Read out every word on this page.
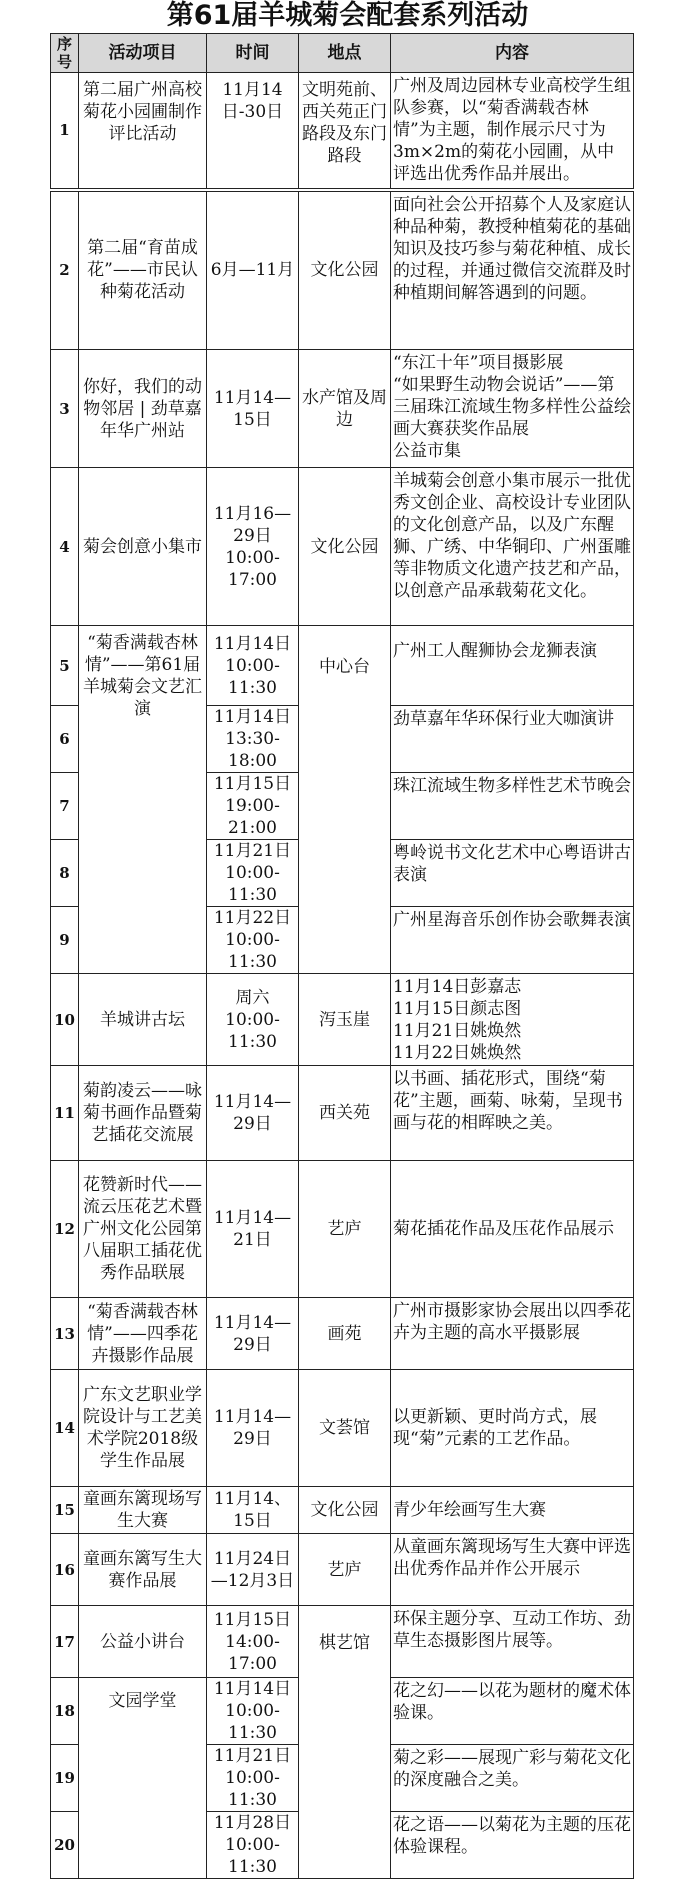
第61届羊城菊会配套系列活动
序号	活动项目	时间	地点	内容
1	第二届广州高校菊花小园圃制作评比活动	11月14日-30日	文明苑前、西关苑正门路段及东门路段	广州及周边园林专业高校学生组队参赛，以“菊香满载杏林情”为主题，制作展示尺寸为3m×2m的菊花小园圃，从中评选出优秀作品并展出。
2	第二届“育苗成花”——市民认种菊花活动	6月—11月	文化公园	面向社会公开招募个人及家庭认种品种菊，教授种植菊花的基础知识及技巧参与菊花种植、成长的过程，并通过微信交流群及时种植期间解答遇到的问题。
3	你好，我们的动物邻居 | 劲草嘉年华广州站	11月14—15日	水产馆及周边	“东江十年”项目摄影展
“如果野生动物会说话”——第三届珠江流域生物多样性公益绘画大赛获奖作品展
公益市集
4	菊会创意小集市	11月16—29日10:00-17:00	文化公园	羊城菊会创意小集市展示一批优秀文创企业、高校设计专业团队的文化创意产品，以及广东醒狮、广绣、中华铜印、广州蛋雕等非物质文化遗产技艺和产品，以创意产品承载菊花文化。
5	“菊香满载杏林情”——第61届羊城菊会文艺汇演	11月14日
10:00-11:30	中心台	广州工人醒狮协会龙狮表演
6		11月14日
13:30-18:00		劲草嘉年华环保行业大咖演讲
7		11月15日
19:00-21:00		珠江流域生物多样性艺术节晚会
8		11月21日
10:00-11:30		粤岭说书文化艺术中心粤语讲古表演
9		11月22日
10:00-11:30		广州星海音乐创作协会歌舞表演
10	羊城讲古坛	周六10:00-11:30	泻玉崖	11月14日彭嘉志
11月15日颜志图
11月21日姚焕然
11月22日姚焕然
11	菊韵凌云——咏菊书画作品暨菊艺插花交流展	11月14—29日	西关苑	以书画、插花形式，围绕“菊花”主题，画菊、咏菊，呈现书画与花的相晖映之美。
12	花赞新时代——流云压花艺术暨广州文化公园第八届职工插花优秀作品联展	11月14—21日	艺庐	菊花插花作品及压花作品展示
13	“菊香满载杏林情”——四季花卉摄影作品展	11月14—29日	画苑	广州市摄影家协会展出以四季花卉为主题的高水平摄影展
14	广东文艺职业学院设计与工艺美术学院2018级学生作品展	11月14—29日	文荟馆	以更新颖、更时尚方式，展现“菊”元素的工艺作品。
15	童画东篱现场写生大赛	11月14、15日	文化公园	青少年绘画写生大赛
16	童画东篱写生大赛作品展	11月24日—12月3日	艺庐	从童画东篱现场写生大赛中评选出优秀作品并作公开展示
17	公益小讲台	11月15日
14:00-17:00	棋艺馆	环保主题分享、互动工作坊、劲草生态摄影图片展等。
18	文园学堂	11月14日
10:00-11:30		花之幻——以花为题材的魔术体验课。
19		11月21日
10:00-11:30		菊之彩——展现广彩与菊花文化的深度融合之美。
20		11月28日
10:00-11:30		花之语——以菊花为主题的压花体验课程。
